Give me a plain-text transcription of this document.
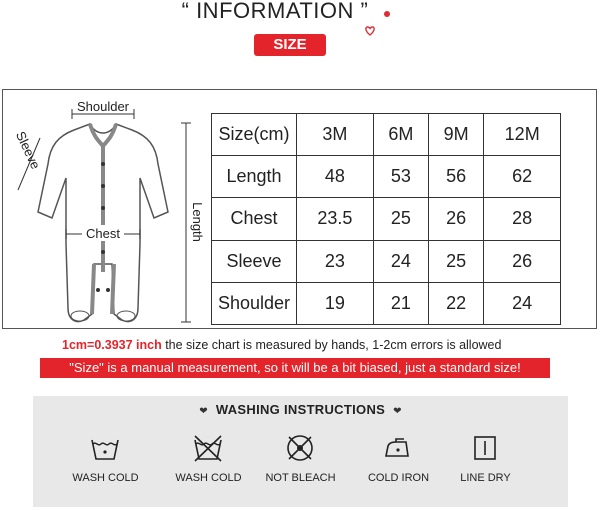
“ INFORMATION ”
SIZE
Shoulder
Length
Sleeve
Chest
Size(cm)	3M	6M	9M	12M
Length	48	53	56	62
Chest	23.5	25	26	28
Sleeve	23	24	25	26
Shoulder	19	21	22	24
1cm=0.3937 inch the size chart is measured by hands, 1-2cm errors is allowed
"Size" is a manual measurement, so it will be a bit biased, just a standard size!
❤ WASHING INSTRUCTIONS ❤
WASH COLD	WASH COLD	NOT BLEACH	COLD IRON	LINE DRY
